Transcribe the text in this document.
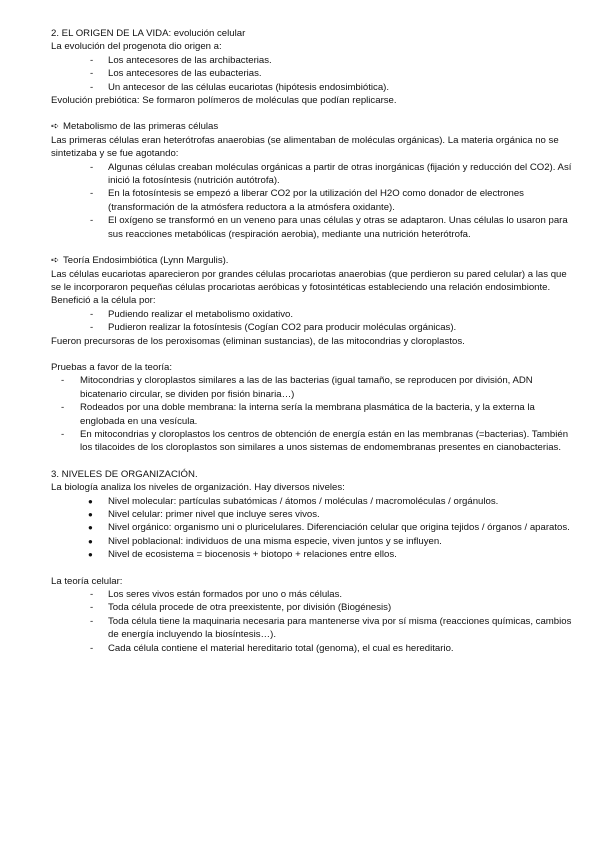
2. EL ORIGEN DE LA VIDA: evolución celular

La evolución del progenota dio origen a:

- Los antecesores de las archibacterias.
- Los antecesores de las eubacterias.
- Un antecesor de las células eucariotas (hipótesis endosimbiótica).

Evolución prebiótica: Se formaron polímeros de moléculas que podían replicarse.

➪ Metabolismo de las primeras células

Las primeras células eran heterótrofas anaerobias (se alimentaban de moléculas orgánicas). La materia orgánica no se sintetizaba y se fue agotando:

- Algunas células creaban moléculas orgánicas a partir de otras inorgánicas (fijación y reducción del CO2). Así inició la fotosíntesis (nutrición autótrofa).
- En la fotosíntesis se empezó a liberar CO2 por la utilización del H2O como donador de electrones (transformación de la atmósfera reductora a la atmósfera oxidante).
- El oxígeno se transformó en un veneno para unas células y otras se adaptaron. Unas células lo usaron para sus reacciones metabólicas (respiración aerobia), mediante una nutrición heterótrofa.

➪ Teoría Endosimbiótica (Lynn Margulis).

Las células eucariotas aparecieron por grandes células procariotas anaerobias (que perdieron su pared celular) a las que se le incorporaron pequeñas células procariotas aeróbicas y fotosintéticas estableciendo una relación endosimbionte. Benefició a la célula por:

- Pudiendo realizar el metabolismo oxidativo.
- Pudieron realizar la fotosíntesis (Cogían CO2 para producir moléculas orgánicas).

Fueron precursoras de los peroxisomas (eliminan sustancias), de las mitocondrias y cloroplastos.

Pruebas a favor de la teoría:

- Mitocondrias y cloroplastos similares a las de las bacterias (igual tamaño, se reproducen por división, ADN bicatenario circular, se dividen por fisión binaria…)
- Rodeados por una doble membrana: la interna sería la membrana plasmática de la bacteria, y la externa la englobada en una vesícula.
- En mitocondrias y cloroplastos los centros de obtención de energía están en las membranas (=bacterias). También los tilacoides de los cloroplastos son similares a unos sistemas de endomembranas presentes en cianobacterias.

3. NIVELES DE ORGANIZACIÓN.

La biología analiza los niveles de organización. Hay diversos niveles:

● Nivel molecular: partículas subatómicas / átomos / moléculas / macromoléculas / orgánulos.
● Nivel celular: primer nivel que incluye seres vivos.
● Nivel orgánico: organismo uni o pluricelulares. Diferenciación celular que origina tejidos / órganos / aparatos.
● Nivel poblacional: individuos de una misma especie, viven juntos y se influyen.
● Nivel de ecosistema = biocenosis + biotopo + relaciones entre ellos.

La teoría celular:

- Los seres vivos están formados por uno o más células.
- Toda célula procede de otra preexistente, por división (Biogénesis)
- Toda célula tiene la maquinaria necesaria para mantenerse viva por sí misma (reacciones químicas, cambios de energía incluyendo la biosíntesis…).
- Cada célula contiene el material hereditario total (genoma), el cual es hereditario.
